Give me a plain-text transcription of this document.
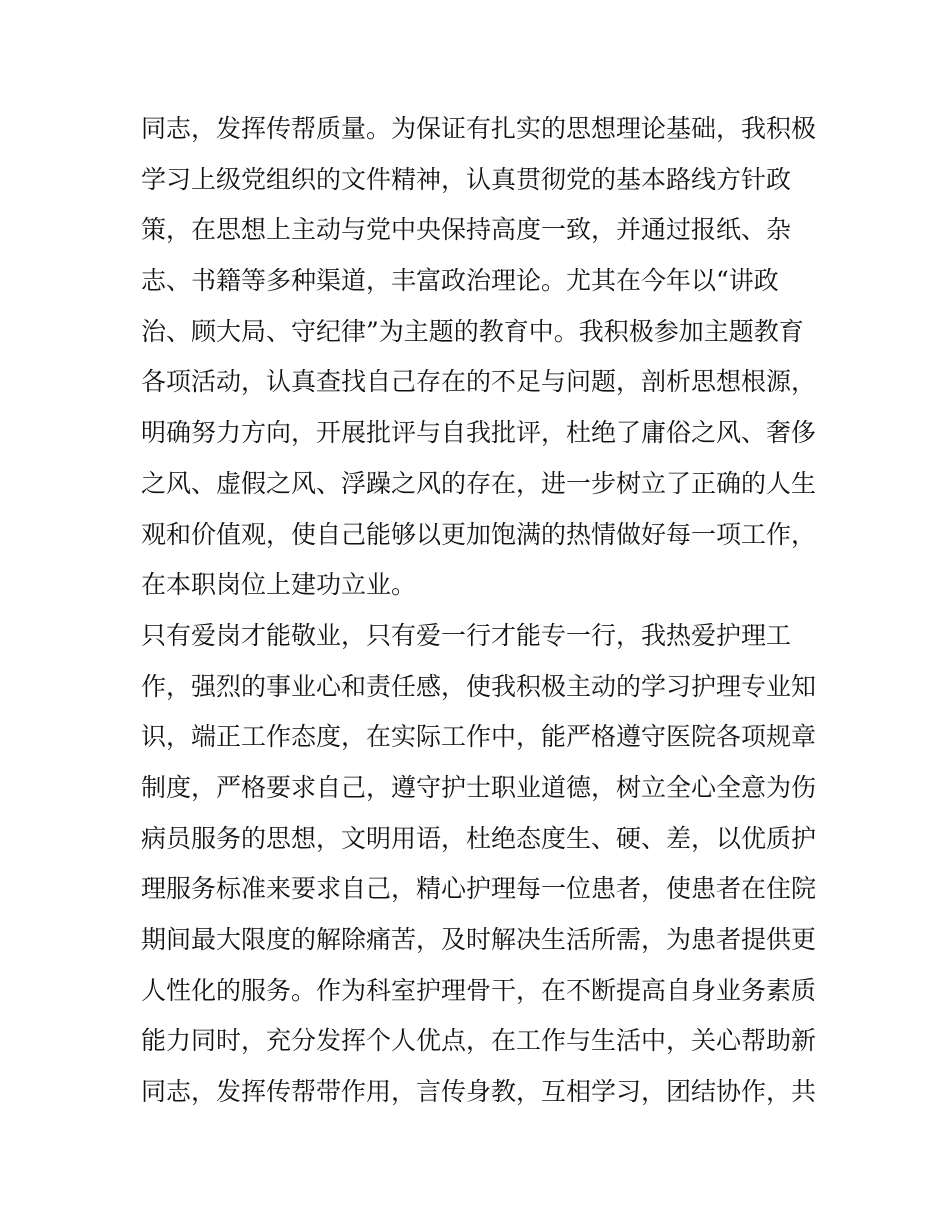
同志，发挥传帮质量。为保证有扎实的思想理论基础，我积极
学习上级党组织的文件精神，认真贯彻党的基本路线方针政
策，在思想上主动与党中央保持高度一致，并通过报纸、杂
志、书籍等多种渠道，丰富政治理论。尤其在今年以“讲政
治、顾大局、守纪律”为主题的教育中。我积极参加主题教育
各项活动，认真查找自己存在的不足与问题，剖析思想根源，
明确努力方向，开展批评与自我批评，杜绝了庸俗之风、奢侈
之风、虚假之风、浮躁之风的存在，进一步树立了正确的人生
观和价值观，使自己能够以更加饱满的热情做好每一项工作，
在本职岗位上建功立业。
只有爱岗才能敬业，只有爱一行才能专一行，我热爱护理工
作，强烈的事业心和责任感，使我积极主动的学习护理专业知
识，端正工作态度，在实际工作中，能严格遵守医院各项规章
制度，严格要求自己，遵守护士职业道德，树立全心全意为伤
病员服务的思想，文明用语，杜绝态度生、硬、差，以优质护
理服务标准来要求自己，精心护理每一位患者，使患者在住院
期间最大限度的解除痛苦，及时解决生活所需，为患者提供更
人性化的服务。作为科室护理骨干，在不断提高自身业务素质
能力同时，充分发挥个人优点，在工作与生活中，关心帮助新
同志，发挥传帮带作用，言传身教，互相学习，团结协作，共
